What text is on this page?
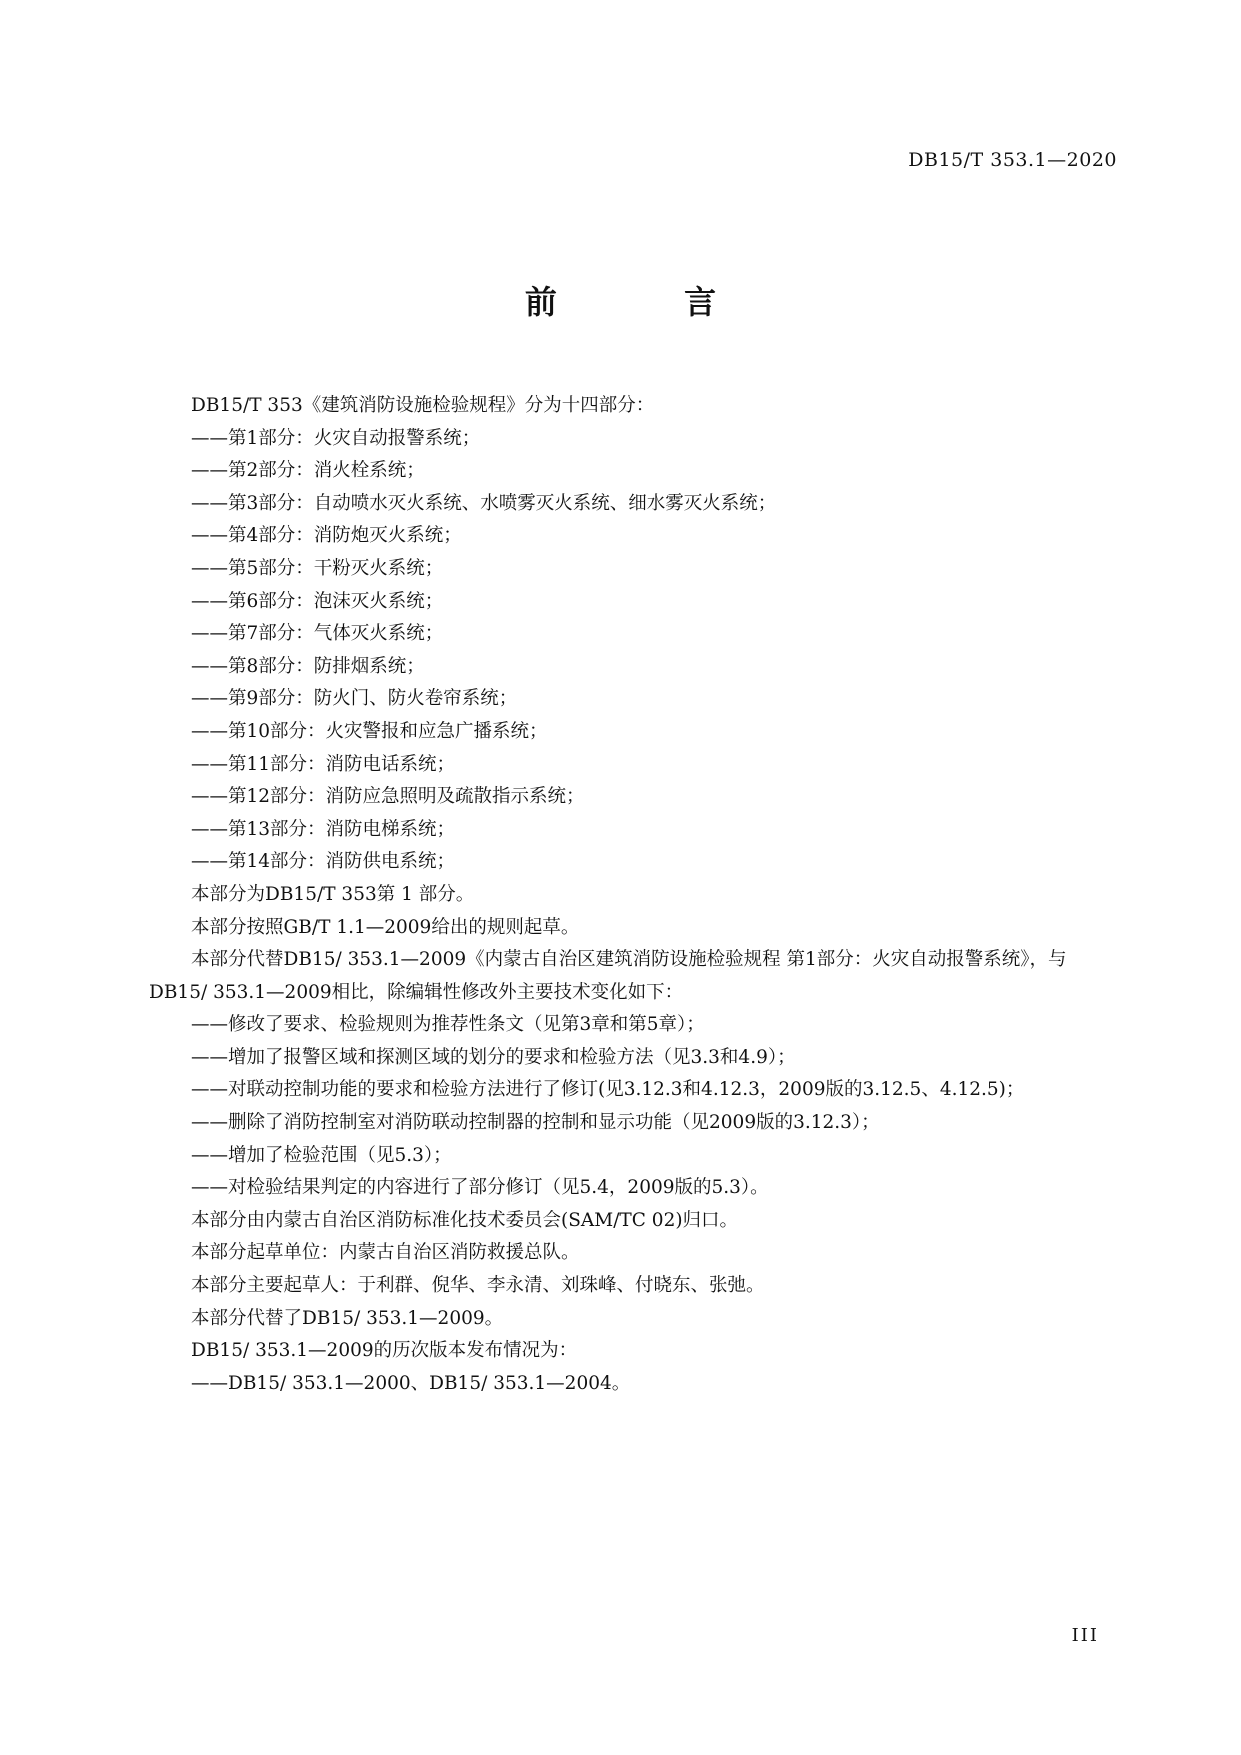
DB15/T 353.1—2020
前 言

DB15/T 353《建筑消防设施检验规程》分为十四部分：

——第1部分：火灾自动报警系统；

——第2部分：消火栓系统；

——第3部分：自动喷水灭火系统、水喷雾灭火系统、细水雾灭火系统；

——第4部分：消防炮灭火系统；

——第5部分：干粉灭火系统；

——第6部分：泡沫灭火系统；

——第7部分：气体灭火系统；

——第8部分：防排烟系统；

——第9部分：防火门、防火卷帘系统；

——第10部分：火灾警报和应急广播系统；

——第11部分：消防电话系统；

——第12部分：消防应急照明及疏散指示系统；

——第13部分：消防电梯系统；

——第14部分：消防供电系统；

本部分为DB15/T 353第 1 部分。

本部分按照GB/T 1.1—2009给出的规则起草。

本部分代替DB15/ 353.1—2009《内蒙古自治区建筑消防设施检验规程 第1部分：火灾自动报警系统》，与DB15/ 353.1—2009相比，除编辑性修改外主要技术变化如下：

——修改了要求、检验规则为推荐性条文（见第3章和第5章）；

——增加了报警区域和探测区域的划分的要求和检验方法（见3.3和4.9）；

——对联动控制功能的要求和检验方法进行了修订(见3.12.3和4.12.3，2009版的3.12.5、4.12.5)；

——删除了消防控制室对消防联动控制器的控制和显示功能（见2009版的3.12.3）；

——增加了检验范围（见5.3）；

——对检验结果判定的内容进行了部分修订（见5.4，2009版的5.3）。

本部分由内蒙古自治区消防标准化技术委员会(SAM/TC 02)归口。

本部分起草单位：内蒙古自治区消防救援总队。

本部分主要起草人：于利群、倪华、李永清、刘珠峰、付晓东、张弛。

本部分代替了DB15/ 353.1—2009。

DB15/ 353.1—2009的历次版本发布情况为：

——DB15/ 353.1—2000、DB15/ 353.1—2004。

III
